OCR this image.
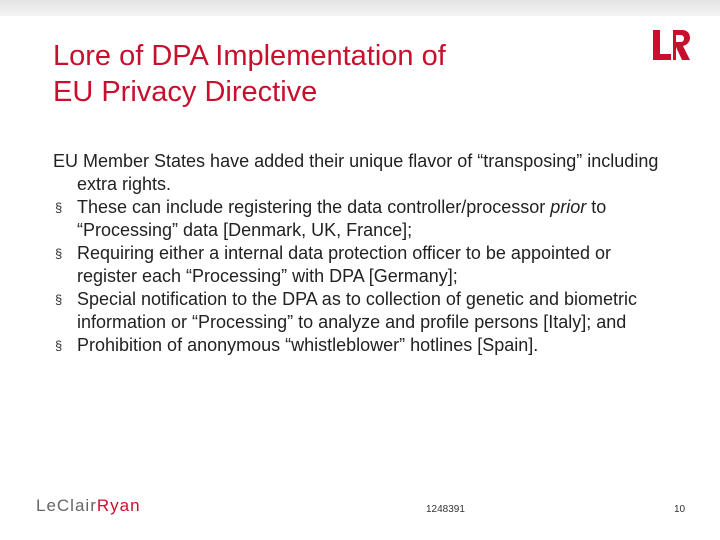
Lore of DPA Implementation of
EU Privacy Directive
EU Member States have added their unique flavor of “transposing” including extra rights.
§ These can include registering the data controller/processor prior to “Processing” data [Denmark, UK, France];
§ Requiring either a internal data protection officer to be appointed or register each “Processing” with DPA [Germany];
§ Special notification to the DPA as to collection of genetic and biometric information or “Processing” to analyze and profile persons [Italy]; and
§ Prohibition of anonymous “whistleblower” hotlines [Spain].
LeClairRyan	1248391	10
